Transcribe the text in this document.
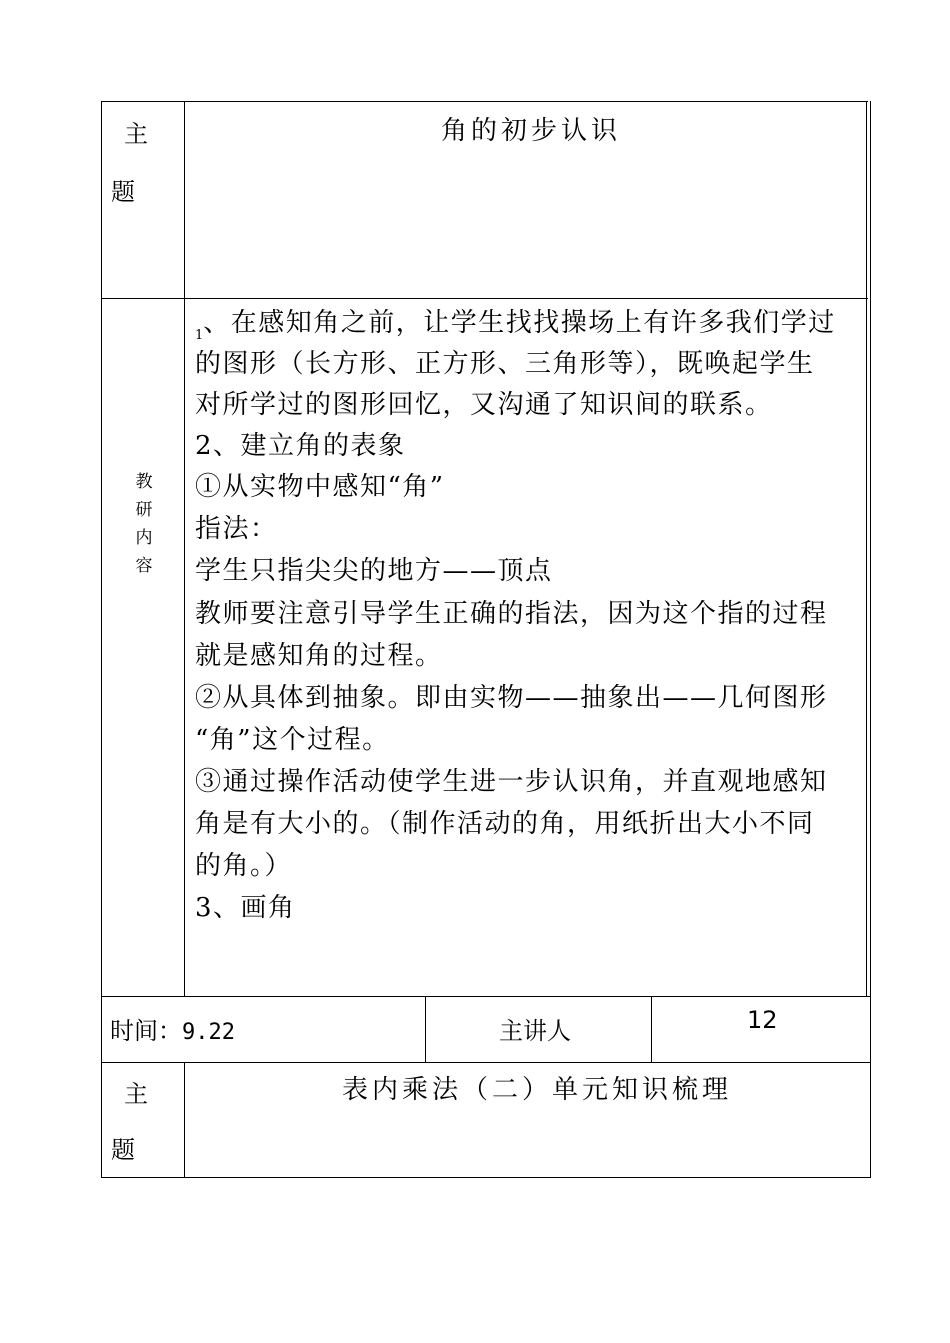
主
题
角的初步认识
教
研
内
容
$_1$、在感知角之前，让学生找找操场上有许多我们学过
的图形（长方形、正方形、三角形等），既唤起学生
对所学过的图形回忆，又沟通了知识间的联系。
2、建立角的表象
①从实物中感知“角”
指法：
学生只指尖尖的地方——顶点
教师要注意引导学生正确的指法，因为这个指的过程
就是感知角的过程。
②从具体到抽象。即由实物——抽象出——几何图形
“角”这个过程。
③通过操作活动使学生进一步认识角，并直观地感知
角是有大小的。（制作活动的角，用纸折出大小不同
的角。）
3、画角
时间：9.22	主讲人	12
主
题
表内乘法（二）单元知识梳理
